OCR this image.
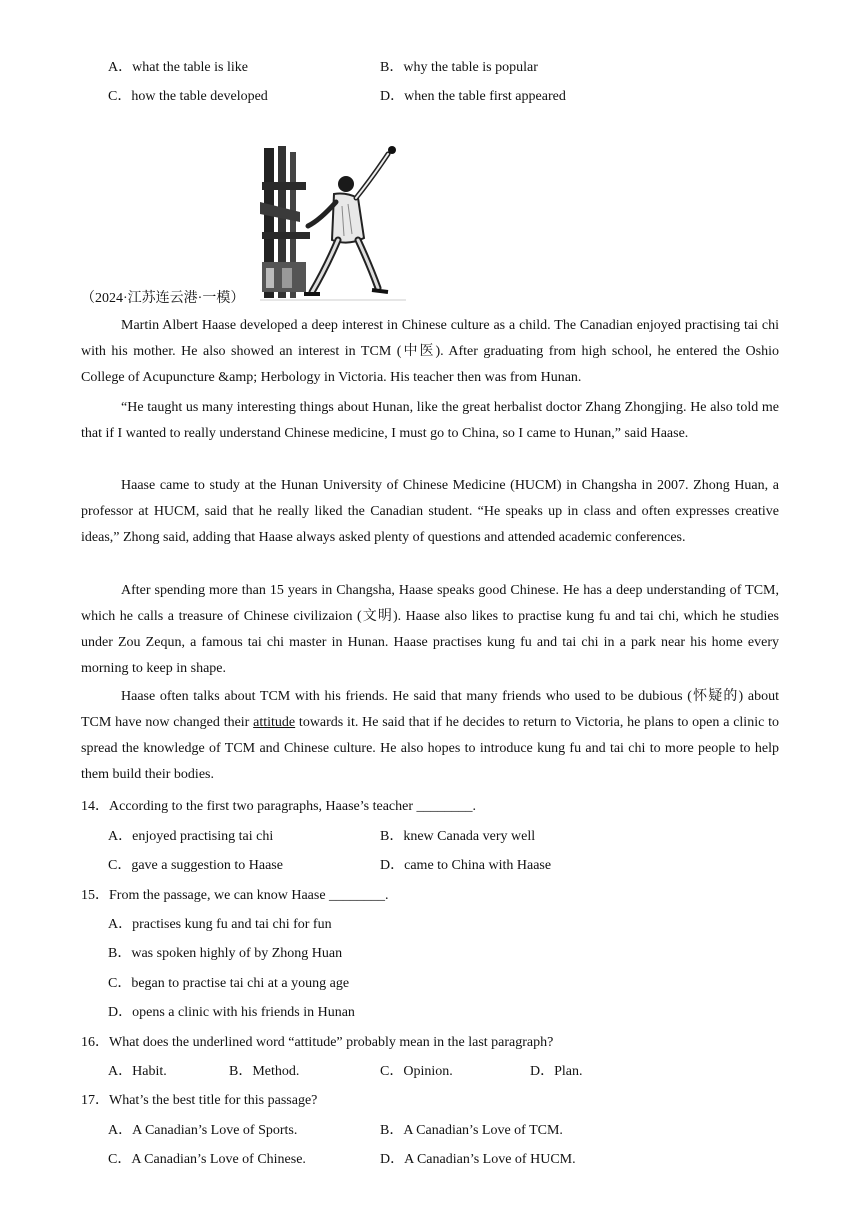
A．what the table is like	B．why the table is popular
C．how the table developed	D．when the table first appeared
（2024·江苏连云港·一模）
Martin Albert Haase developed a deep interest in Chinese culture as a child. The Canadian enjoyed practising tai chi with his mother. He also showed an interest in TCM (中医). After graduating from high school, he entered the Oshio College of Acupuncture &amp; Herbology in Victoria. His teacher then was from Hunan.
“He taught us many interesting things about Hunan, like the great herbalist doctor Zhang Zhongjing. He also told me that if I wanted to really understand Chinese medicine, I must go to China, so I came to Hunan,” said Haase.
Haase came to study at the Hunan University of Chinese Medicine (HUCM) in Changsha in 2007. Zhong Huan, a professor at HUCM, said that he really liked the Canadian student. “He speaks up in class and often expresses creative ideas,” Zhong said, adding that Haase always asked plenty of questions and attended academic conferences.
After spending more than 15 years in Changsha, Haase speaks good Chinese. He has a deep understanding of TCM, which he calls a treasure of Chinese civilizaion (文明). Haase also likes to practise kung fu and tai chi, which he studies under Zou Zequn, a famous tai chi master in Hunan. Haase practises kung fu and tai chi in a park near his home every morning to keep in shape.
Haase often talks about TCM with his friends. He said that many friends who used to be dubious (怀疑的) about TCM have now changed their attitude towards it. He said that if he decides to return to Victoria, he plans to open a clinic to spread the knowledge of TCM and Chinese culture. He also hopes to introduce kung fu and tai chi to more people to help them build their bodies.
14．According to the first two paragraphs, Haase’s teacher ________.
A．enjoyed practising tai chi	B．knew Canada very well
C．gave a suggestion to Haase	D．came to China with Haase
15．From the passage, we can know Haase ________.
A．practises kung fu and tai chi for fun
B．was spoken highly of by Zhong Huan
C．began to practise tai chi at a young age
D．opens a clinic with his friends in Hunan
16．What does the underlined word “attitude” probably mean in the last paragraph?
A．Habit.	B．Method.	C．Opinion.	D．Plan.
17．What’s the best title for this passage?
A．A Canadian’s Love of Sports.	B．A Canadian’s Love of TCM.
C．A Canadian’s Love of Chinese.	D．A Canadian’s Love of HUCM.
